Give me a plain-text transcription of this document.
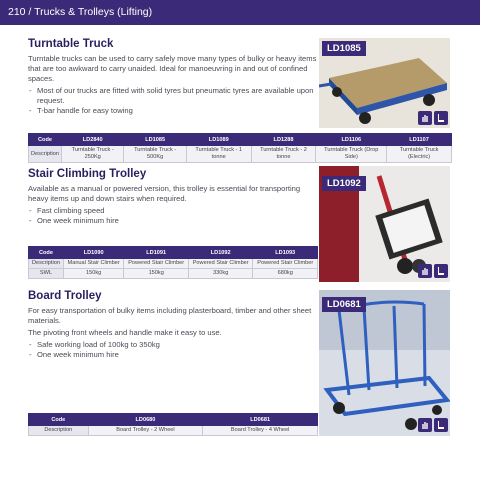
210 / Trucks & Trolleys (Lifting)
Turntable Truck
Turntable trucks can be used to carry safely move many types of bulky or heavy items that are too awkward to carry unaided. Ideal for manoeuvring in and out of confined spaces.
- Most of our trucks are fitted with solid tyres but pneumatic tyres are available upon request.
- T-bar handle for easy towing
LD1085
Code	LD2840	LD1085	LD1089	LD1288	LD1106	LD1107
Description	Turntable Truck - 250Kg	Turntable Truck - 500Kg	Turntable Truck - 1 tonne	Turntable Truck - 2 tonne	Turntable Truck (Drop Side)	Turntable Truck (Electric)
Stair Climbing Trolley
Available as a manual or powered version, this trolley is essential for transporting heavy items up and down stairs when required.
- Fast climbing speed
- One week minimum hire
LD1092
Code	LD1090	LD1091	LD1092	LD1093
Description	Manual Stair Climber	Powered Stair Climber	Powered Stair Climber	Powered Stair Climber
SWL	150kg	150kg	330kg	680kg
Board Trolley
For easy transportation of bulky items including plasterboard, timber and other sheet materials.
The pivoting front wheels and handle make it easy to use.
- Safe working load of 100kg to 350kg
- One week minimum hire
LD0681
Code	LD0680	LD0681
Description	Board Trolley - 2 Wheel	Board Trolley - 4 Wheel
